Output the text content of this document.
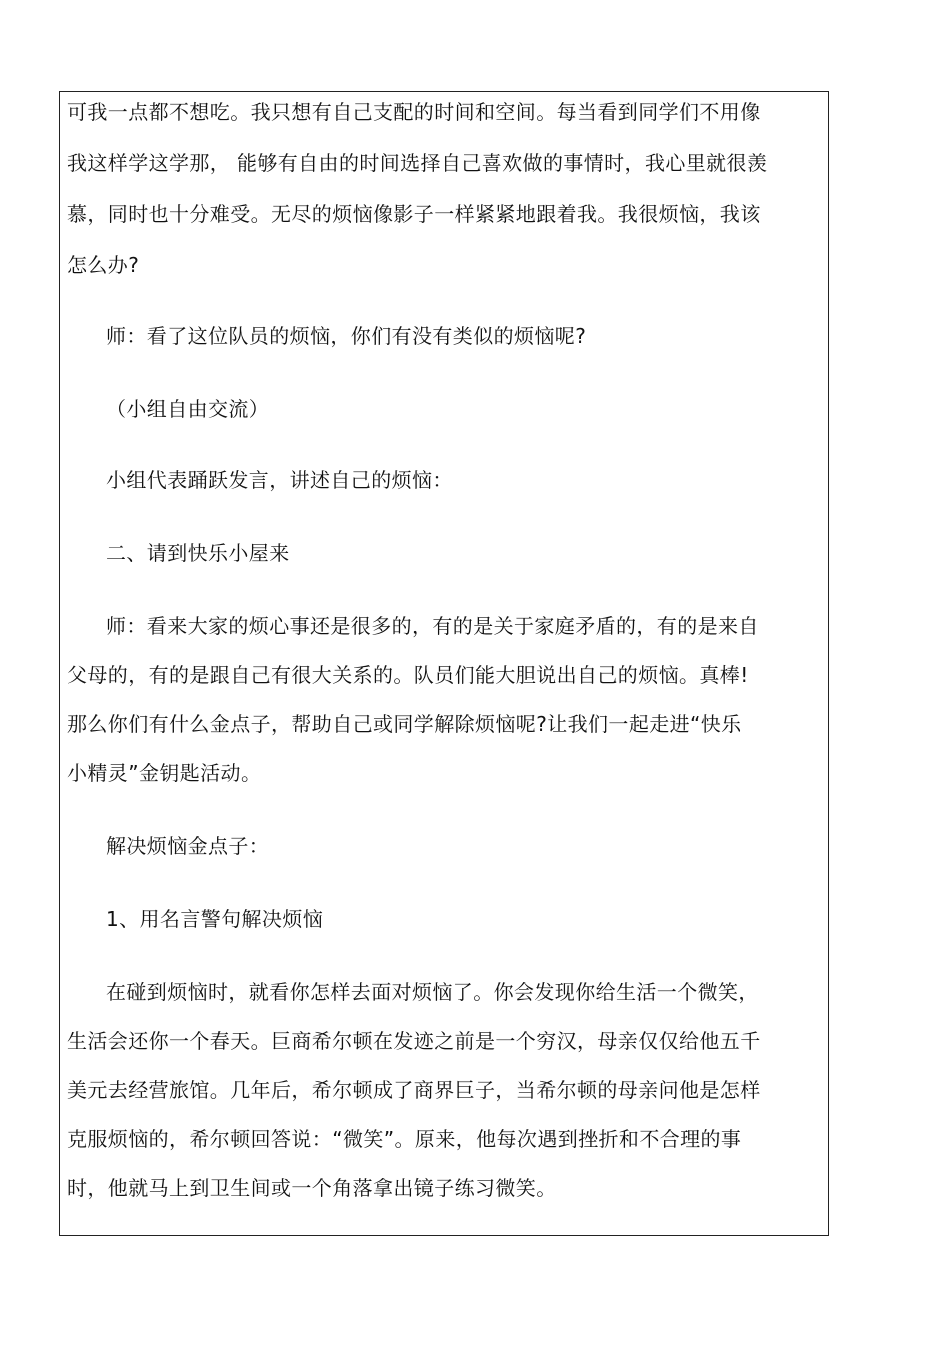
可我一点都不想吃。我只想有自己支配的时间和空间。每当看到同学们不用像
我这样学这学那， 能够有自由的时间选择自己喜欢做的事情时，我心里就很羡
慕，同时也十分难受。无尽的烦恼像影子一样紧紧地跟着我。我很烦恼，我该
怎么办?
师：看了这位队员的烦恼，你们有没有类似的烦恼呢?
（小组自由交流）
小组代表踊跃发言，讲述自己的烦恼：
二、请到快乐小屋来
师：看来大家的烦心事还是很多的，有的是关于家庭矛盾的，有的是来自
父母的，有的是跟自己有很大关系的。队员们能大胆说出自己的烦恼。真棒!
那么你们有什么金点子，帮助自己或同学解除烦恼呢?让我们一起走进“快乐
小精灵”金钥匙活动。
解决烦恼金点子：
1、用名言警句解决烦恼
在碰到烦恼时，就看你怎样去面对烦恼了。你会发现你给生活一个微笑，
生活会还你一个春天。巨商希尔顿在发迹之前是一个穷汉，母亲仅仅给他五千
美元去经营旅馆。几年后，希尔顿成了商界巨子，当希尔顿的母亲问他是怎样
克服烦恼的，希尔顿回答说：“微笑”。原来，他每次遇到挫折和不合理的事
时，他就马上到卫生间或一个角落拿出镜子练习微笑。
